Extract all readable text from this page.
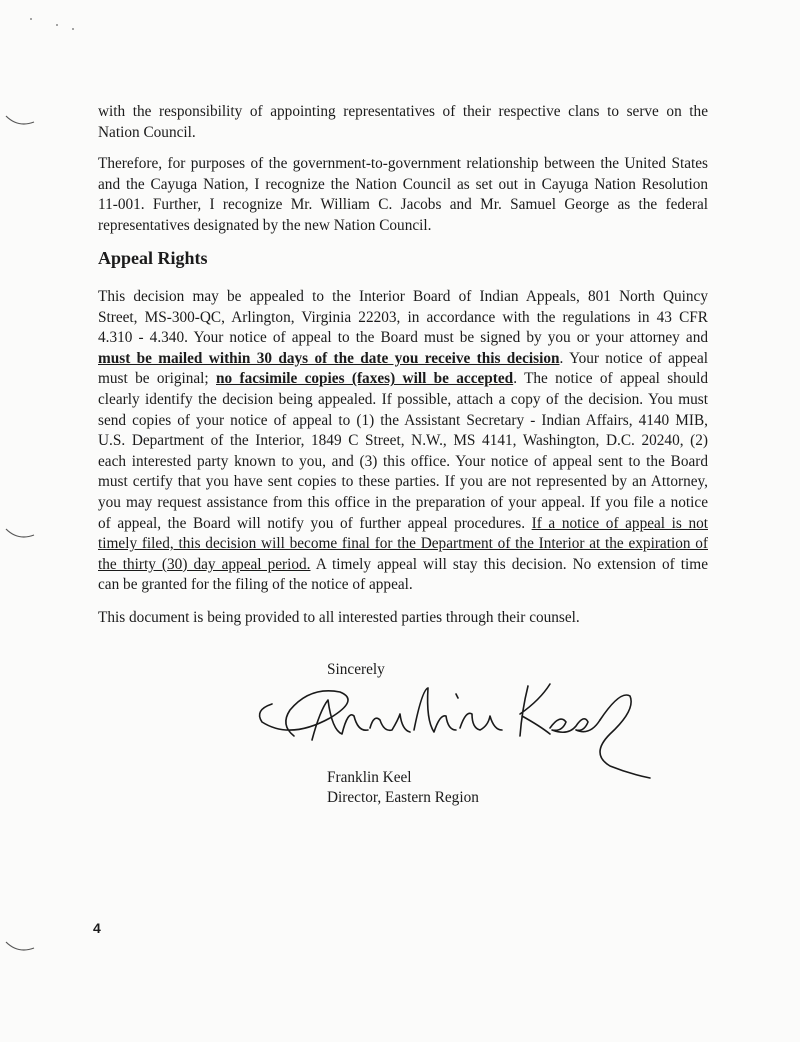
with the responsibility of appointing representatives of their respective clans to serve on the
Nation Council.
Therefore, for purposes of the government-to-government relationship between the United States
and the Cayuga Nation, I recognize the Nation Council as set out in Cayuga Nation Resolution
11-001. Further, I recognize Mr. William C. Jacobs and Mr. Samuel George as the federal
representatives designated by the new Nation Council.
Appeal Rights
This decision may be appealed to the Interior Board of Indian Appeals, 801 North Quincy
Street, MS-300-QC, Arlington, Virginia 22203, in accordance with the regulations in 43 CFR
4.310 - 4.340. Your notice of appeal to the Board must be signed by you or your attorney and
must be mailed within 30 days of the date you receive this decision. Your notice of appeal
must be original; no facsimile copies (faxes) will be accepted. The notice of appeal should
clearly identify the decision being appealed. If possible, attach a copy of the decision. You must
send copies of your notice of appeal to (1) the Assistant Secretary - Indian Affairs, 4140 MIB,
U.S. Department of the Interior, 1849 C Street, N.W., MS 4141, Washington, D.C. 20240, (2)
each interested party known to you, and (3) this office. Your notice of appeal sent to the Board
must certify that you have sent copies to these parties. If you are not represented by an Attorney,
you may request assistance from this office in the preparation of your appeal. If you file a notice
of appeal, the Board will notify you of further appeal procedures. If a notice of appeal is not
timely filed, this decision will become final for the Department of the Interior at the expiration of
the thirty (30) day appeal period. A timely appeal will stay this decision. No extension of time
can be granted for the filing of the notice of appeal.

This document is being provided to all interested parties through their counsel.

Sincerely

Franklin Keel

Director, Eastern Region

4
